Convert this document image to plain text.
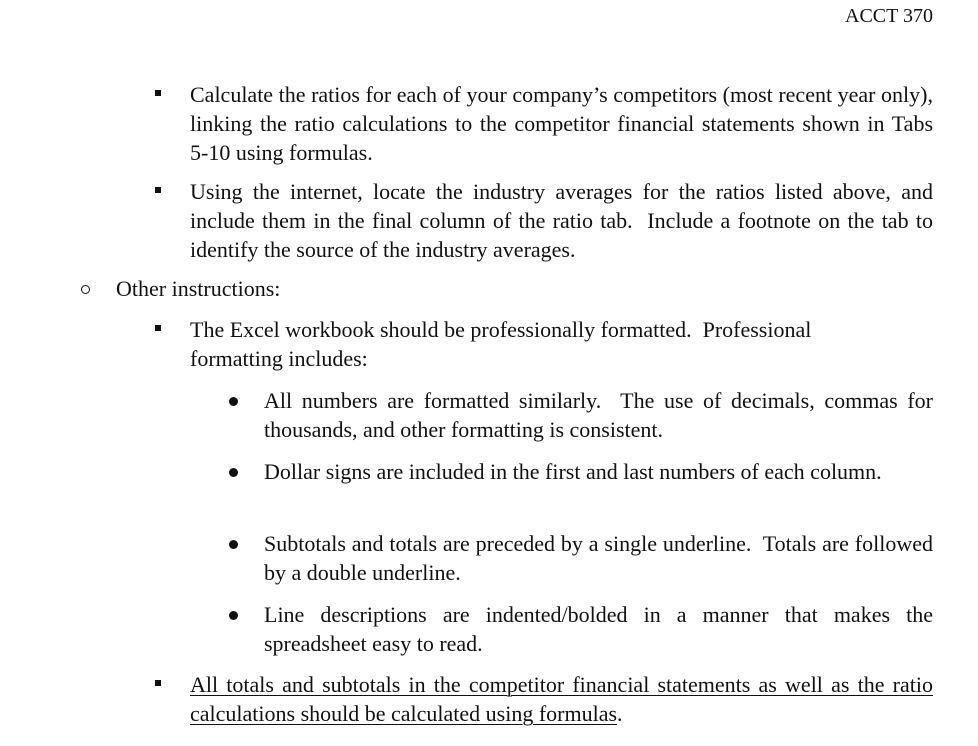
ACCT 370

Calculate the ratios for each of your company’s competitors (most recent year only), linking the ratio calculations to the competitor financial statements shown in Tabs 5-10 using formulas.

Using the internet, locate the industry averages for the ratios listed above, and include them in the final column of the ratio tab.  Include a footnote on the tab to identify the source of the industry averages.

Other instructions:

The Excel workbook should be professionally formatted.  Professional formatting includes:

All numbers are formatted similarly.  The use of decimals, commas for thousands, and other formatting is consistent.

Dollar signs are included in the first and last numbers of each column.

Subtotals and totals are preceded by a single underline.  Totals are followed by a double underline.

Line descriptions are indented/bolded in a manner that makes the spreadsheet easy to read.

All totals and subtotals in the competitor financial statements as well as the ratio calculations should be calculated using formulas.
